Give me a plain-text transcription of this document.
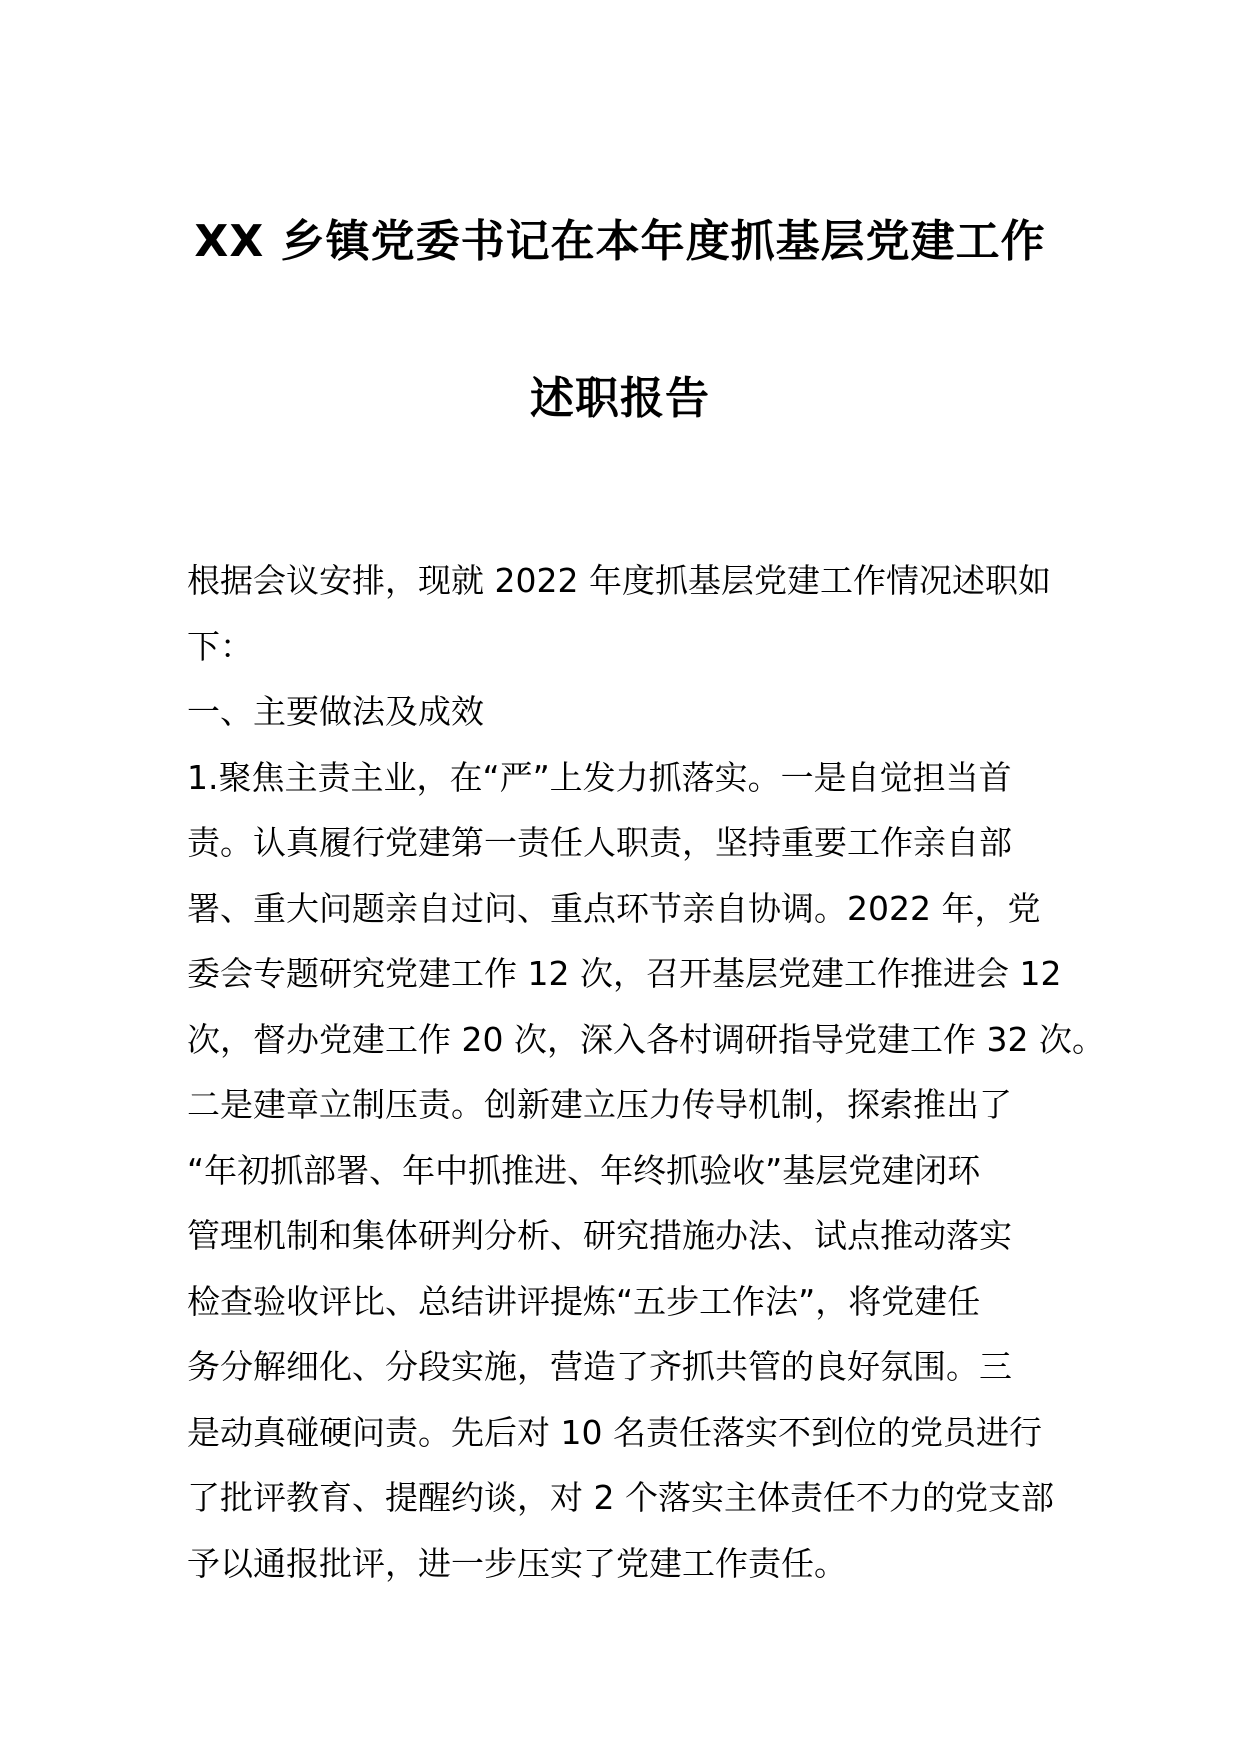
XX 乡镇党委书记在本年度抓基层党建工作
述职报告
根据会议安排，现就 2022 年度抓基层党建工作情况述职如
下：
一、主要做法及成效
1.聚焦主责主业，在“严”上发力抓落实。一是自觉担当首
责。认真履行党建第一责任人职责，坚持重要工作亲自部
署、重大问题亲自过问、重点环节亲自协调。2022 年，党
委会专题研究党建工作 12 次，召开基层党建工作推进会 12
次，督办党建工作 20 次，深入各村调研指导党建工作 32 次。
二是建章立制压责。创新建立压力传导机制，探索推出了
“年初抓部署、年中抓推进、年终抓验收”基层党建闭环
管理机制和集体研判分析、研究措施办法、试点推动落实
检查验收评比、总结讲评提炼“五步工作法”，将党建任
务分解细化、分段实施，营造了齐抓共管的良好氛围。三
是动真碰硬问责。先后对 10 名责任落实不到位的党员进行
了批评教育、提醒约谈，对 2 个落实主体责任不力的党支部
予以通报批评，进一步压实了党建工作责任。
